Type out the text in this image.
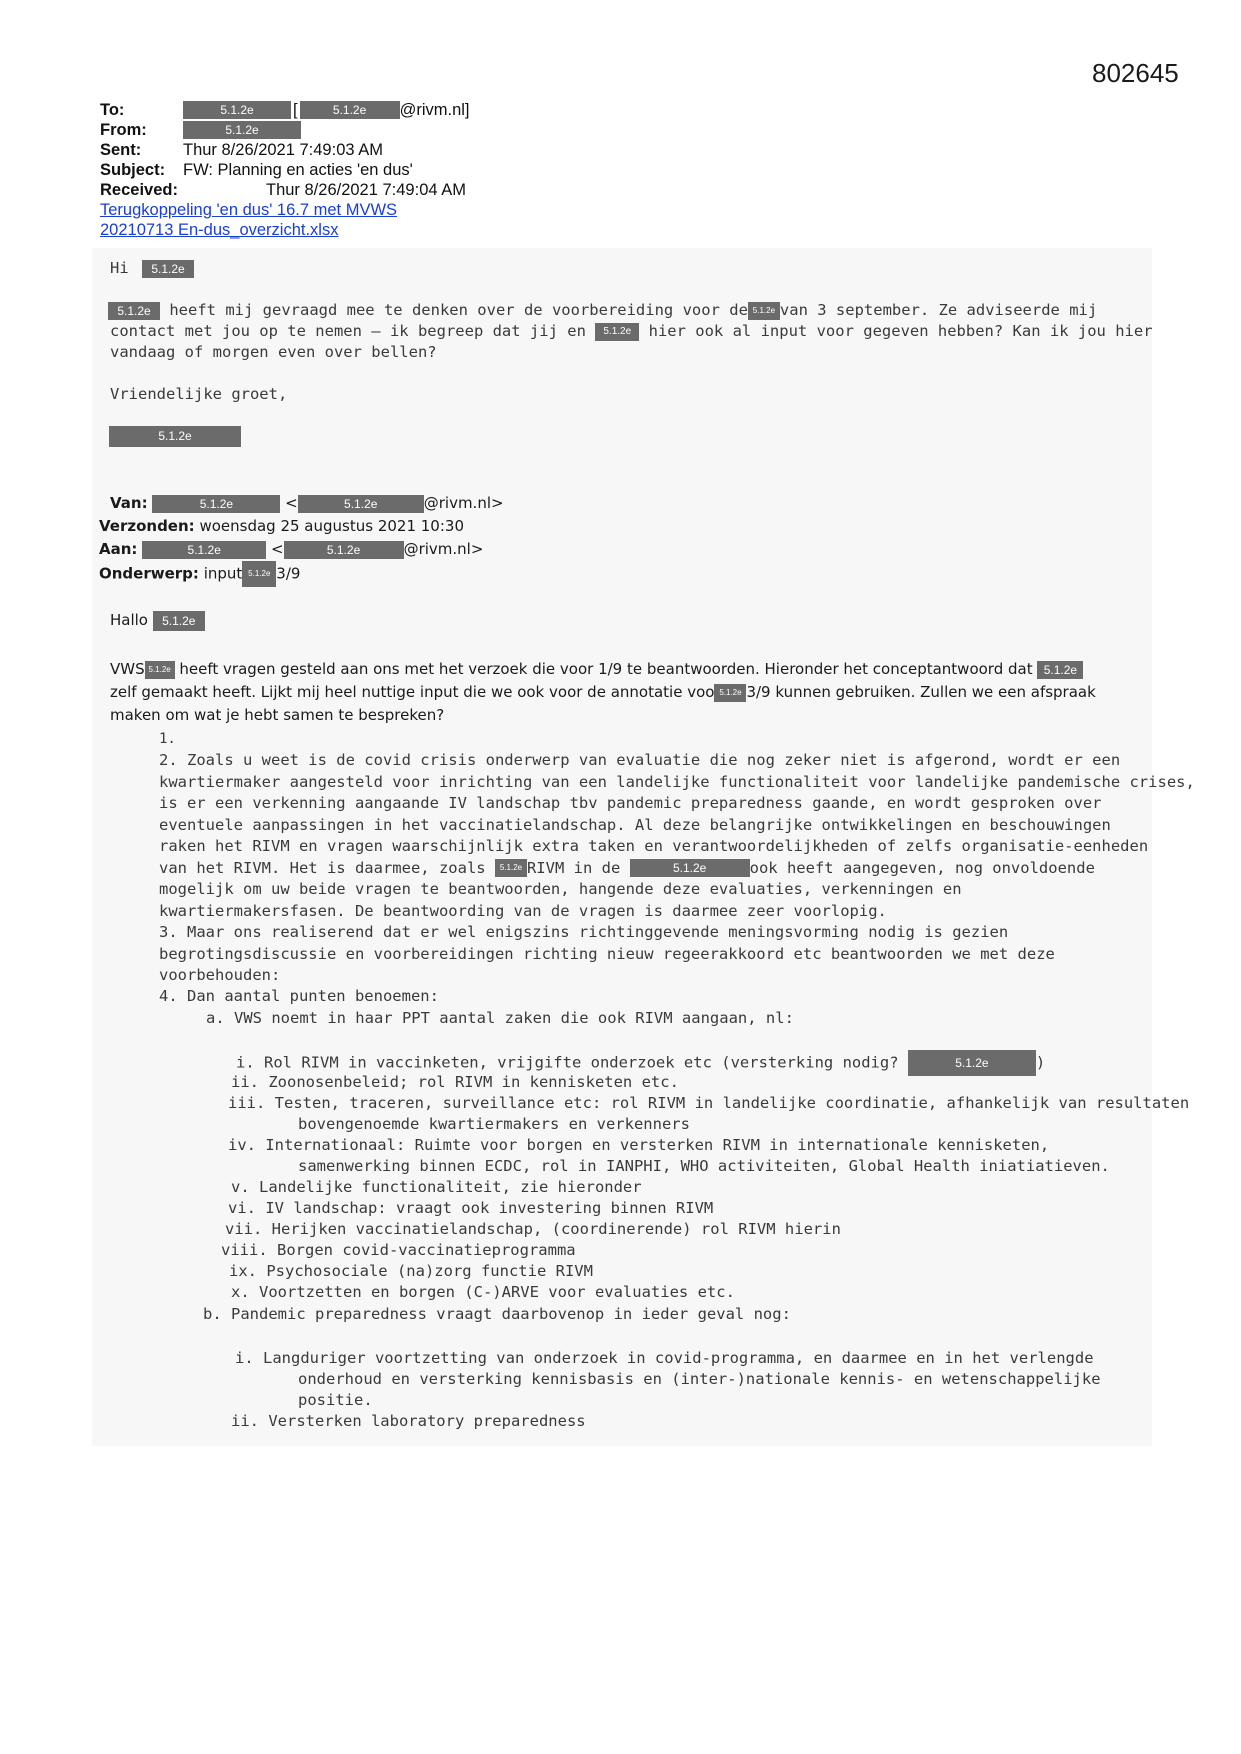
802645
To:	5.1.2e	[	5.1.2e	@rivm.nl]
From:	5.1.2e
Sent:	Thur 8/26/2021 7:49:03 AM
Subject:	FW: Planning en acties 'en dus'
Received:	Thur 8/26/2021 7:49:04 AM
Terugkoppeling 'en dus' 16.7 met MVWS
20210713 En-dus_overzicht.xlsx
Hi 5.1.2e
5.1.2e heeft mij gevraagd mee te denken over de voorbereiding voor de 5.1.2e van 3 september. Ze adviseerde mij
contact met jou op te nemen – ik begreep dat jij en 5.1.2e hier ook al input voor gegeven hebben? Kan ik jou hier
vandaag of morgen even over bellen?
Vriendelijke groet,
5.1.2e
Van:	5.1.2e	<	5.1.2e	@rivm.nl>
Verzonden: woensdag 25 augustus 2021 10:30
Aan:	5.1.2e	<	5.1.2e	@rivm.nl>
Onderwerp: input 5.1.2e 3/9
Hallo 5.1.2e
VWS 5.1.2e heeft vragen gesteld aan ons met het verzoek die voor 1/9 te beantwoorden. Hieronder het conceptantwoord dat 5.1.2e
zelf gemaakt heeft. Lijkt mij heel nuttige input die we ook voor de annotatie voo 5.1.2e 3/9 kunnen gebruiken. Zullen we een afspraak
maken om wat je hebt samen te bespreken?
1.
2. Zoals u weet is de covid crisis onderwerp van evaluatie die nog zeker niet is afgerond, wordt er een
kwartiermaker aangesteld voor inrichting van een landelijke functionaliteit voor landelijke pandemische crises,
is er een verkenning aangaande IV landschap tbv pandemic preparedness gaande, en wordt gesproken over
eventuele aanpassingen in het vaccinatielandschap. Al deze belangrijke ontwikkelingen en beschouwingen
raken het RIVM en vragen waarschijnlijk extra taken en verantwoordelijkheden of zelfs organisatie-eenheden
van het RIVM. Het is daarmee, zoals 5.1.2e RIVM in de	5.1.2e	ook heeft aangegeven, nog onvoldoende
mogelijk om uw beide vragen te beantwoorden, hangende deze evaluaties, verkenningen en
kwartiermakersfasen. De beantwoording van de vragen is daarmee zeer voorlopig.
3. Maar ons realiserend dat er wel enigszins richtinggevende meningsvorming nodig is gezien
begrotingsdiscussie en voorbereidingen richting nieuw regeerakkoord etc beantwoorden we met deze
voorbehouden:
4. Dan aantal punten benoemen:
a. VWS noemt in haar PPT aantal zaken die ook RIVM aangaan, nl:
i. Rol RIVM in vaccinketen, vrijgifte onderzoek etc (versterking nodig?	5.1.2e	)
ii. Zoonosenbeleid; rol RIVM in kennisketen etc.
iii. Testen, traceren, surveillance etc: rol RIVM in landelijke coordinatie, afhankelijk van resultaten
bovengenoemde kwartiermakers en verkenners
iv. Internationaal: Ruimte voor borgen en versterken RIVM in internationale kennisketen,
samenwerking binnen ECDC, rol in IANPHI, WHO activiteiten, Global Health iniatiatieven.
v. Landelijke functionaliteit, zie hieronder
vi. IV landschap: vraagt ook investering binnen RIVM
vii. Herijken vaccinatielandschap, (coordinerende) rol RIVM hierin
viii. Borgen covid-vaccinatieprogramma
ix. Psychosociale (na)zorg functie RIVM
x. Voortzetten en borgen (C-)ARVE voor evaluaties etc.
b. Pandemic preparedness vraagt daarbovenop in ieder geval nog:
i. Langduriger voortzetting van onderzoek in covid-programma, en daarmee en in het verlengde
onderhoud en versterking kennisbasis en (inter-)nationale kennis- en wetenschappelijke
positie.
ii. Versterken laboratory preparedness
